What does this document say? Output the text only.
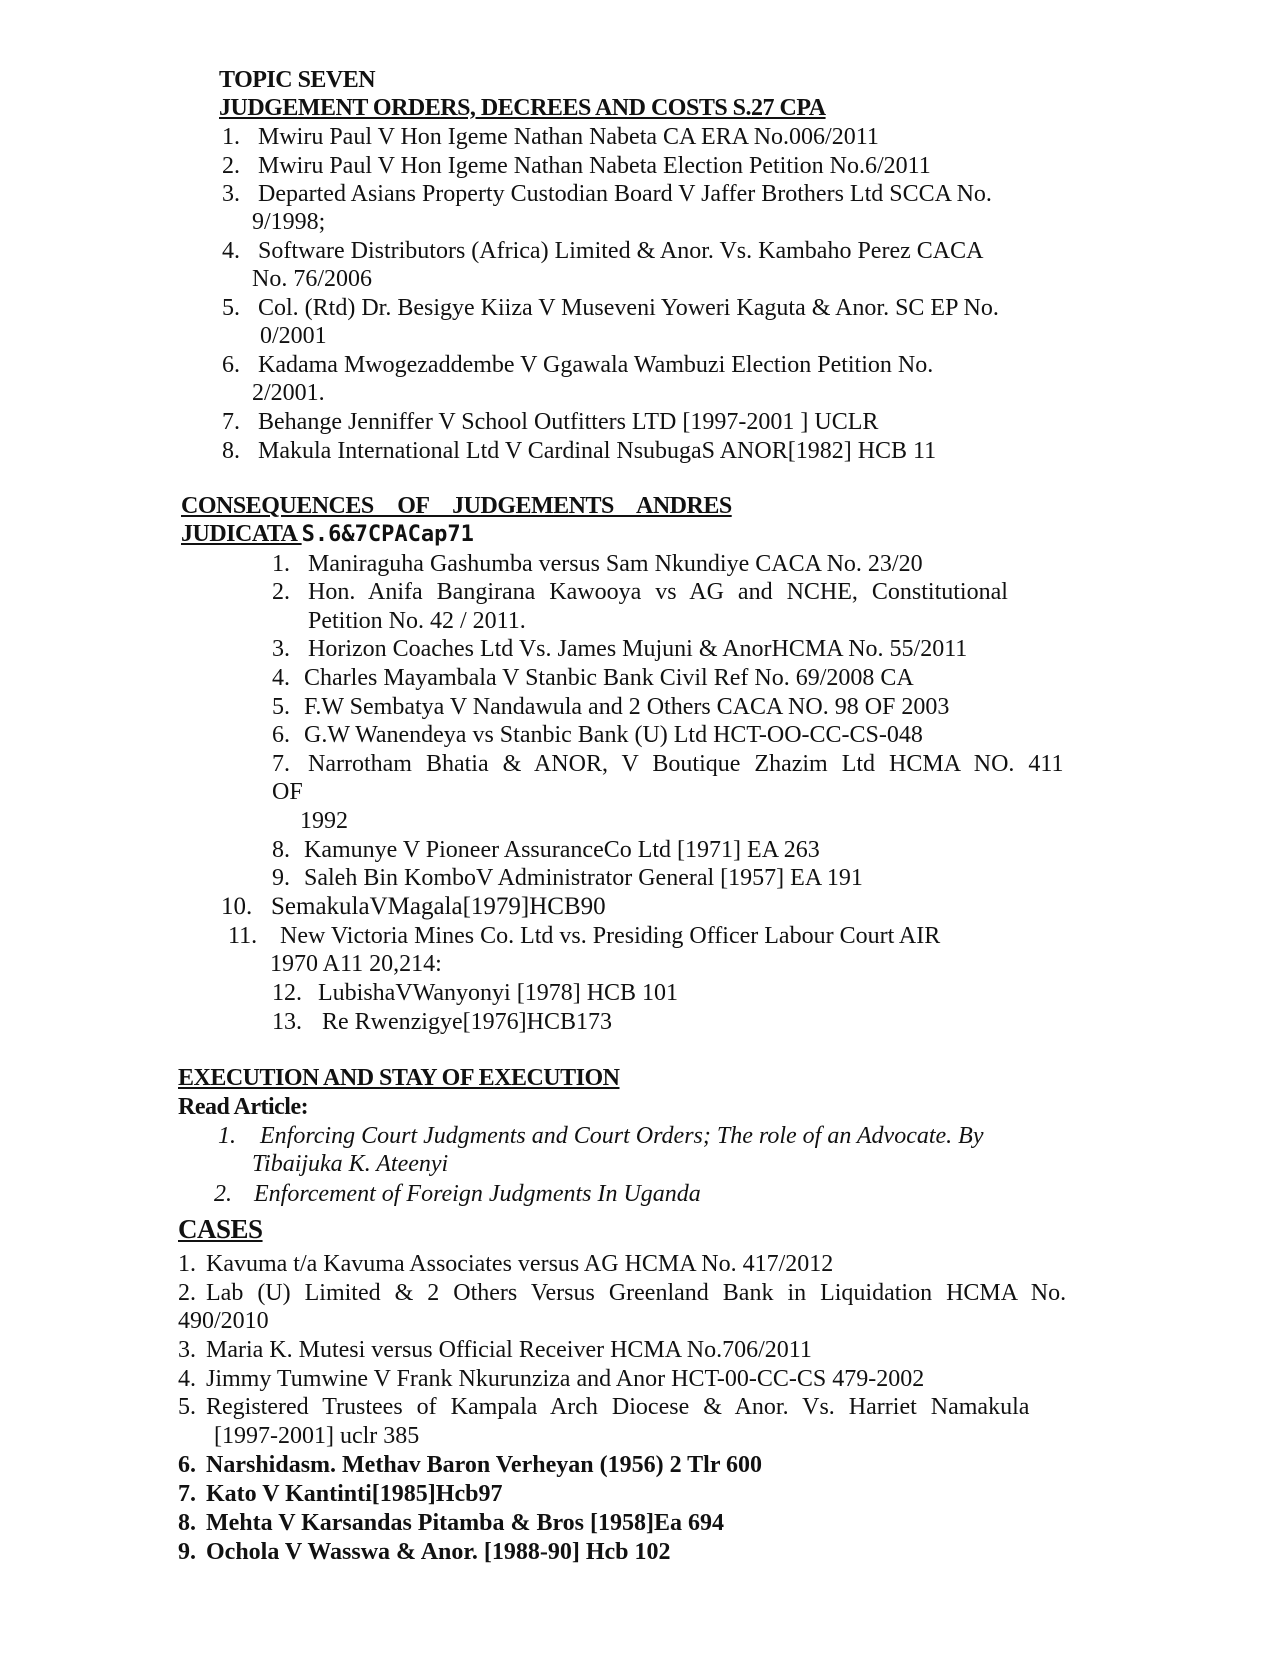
TOPIC SEVEN
JUDGEMENT ORDERS, DECREES AND COSTS S.27 CPA
1. Mwiru Paul V Hon Igeme Nathan Nabeta CA ERA No.006/2011
2. Mwiru Paul V Hon Igeme Nathan Nabeta Election Petition No.6/2011
3. Departed Asians Property Custodian Board V Jaffer Brothers Ltd SCCA No.
9/1998;
4. Software Distributors (Africa) Limited & Anor. Vs. Kambaho Perez CACA
No. 76/2006
5. Col. (Rtd) Dr. Besigye Kiiza V Museveni Yoweri Kaguta & Anor. SC EP No.
0/2001
6. Kadama Mwogezaddembe V Ggawala Wambuzi Election Petition No.
2/2001.
7. Behange Jenniffer V School Outfitters LTD [1997-2001 ] UCLR
8. Makula International Ltd V Cardinal NsubugaS ANOR[1982] HCB 11
CONSEQUENCES OF JUDGEMENTS ANDRES
JUDICATA S.6&7CPACap71
1. Maniraguha Gashumba versus Sam Nkundiye CACA No. 23/20
2. Hon. Anifa Bangirana Kawooya vs AG and NCHE, Constitutional
Petition No. 42 / 2011.
3. Horizon Coaches Ltd Vs. James Mujuni & AnorHCMA No. 55/2011
4. Charles Mayambala V Stanbic Bank Civil Ref No. 69/2008 CA
5. F.W Sembatya V Nandawula and 2 Others CACA NO. 98 OF 2003
6. G.W Wanendeya vs Stanbic Bank (U) Ltd HCT-OO-CC-CS-048
7. Narrotham Bhatia & ANOR, V Boutique Zhazim Ltd HCMA NO. 411
OF
1992
8. Kamunye V Pioneer AssuranceCo Ltd [1971] EA 263
9. Saleh Bin KomboV Administrator General [1957] EA 191
10. SemakulaVMagala[1979]HCB90
11. New Victoria Mines Co. Ltd vs. Presiding Officer Labour Court AIR
1970 A11 20,214:
12. LubishaVWanyonyi [1978] HCB 101
13. Re Rwenzigye[1976]HCB173
EXECUTION AND STAY OF EXECUTION
Read Article:
1. Enforcing Court Judgments and Court Orders; The role of an Advocate. By
Tibaijuka K. Ateenyi
2. Enforcement of Foreign Judgments In Uganda
CASES
1. Kavuma t/a Kavuma Associates versus AG HCMA No. 417/2012
2. Lab (U) Limited & 2 Others Versus Greenland Bank in Liquidation HCMA No.
490/2010
3. Maria K. Mutesi versus Official Receiver HCMA No.706/2011
4. Jimmy Tumwine V Frank Nkurunziza and Anor HCT-00-CC-CS 479-2002
5. Registered Trustees of Kampala Arch Diocese & Anor. Vs. Harriet Namakula
[1997-2001] uclr 385
6. Narshidasm. Methav Baron Verheyan (1956) 2 Tlr 600
7. Kato V Kantinti[1985]Hcb97
8. Mehta V Karsandas Pitamba & Bros [1958]Ea 694
9. Ochola V Wasswa & Anor. [1988-90] Hcb 102
